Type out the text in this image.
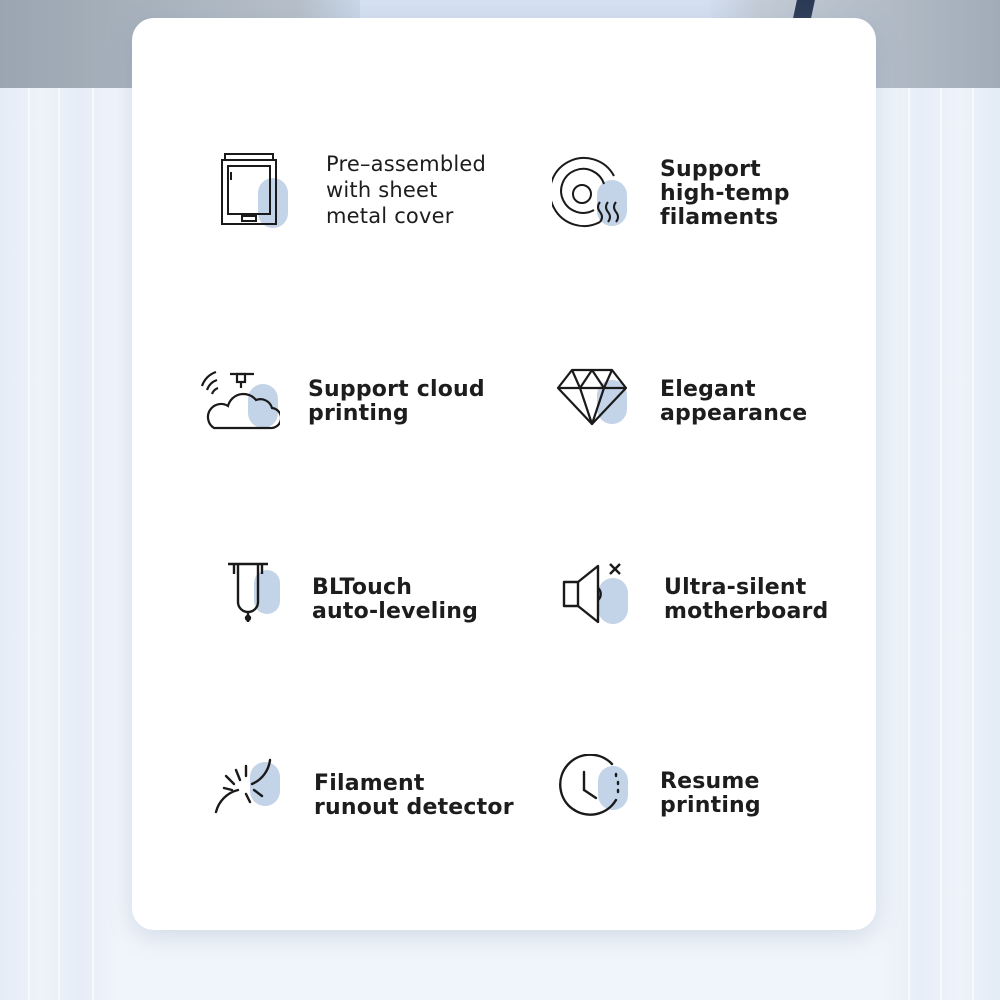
Pre–assembled
with sheet
metal cover
Support
high-temp
filaments
Support cloud
printing
Elegant
appearance
BLTouch
auto-leveling
Ultra-silent
motherboard
Filament
runout detector
Resume
printing
